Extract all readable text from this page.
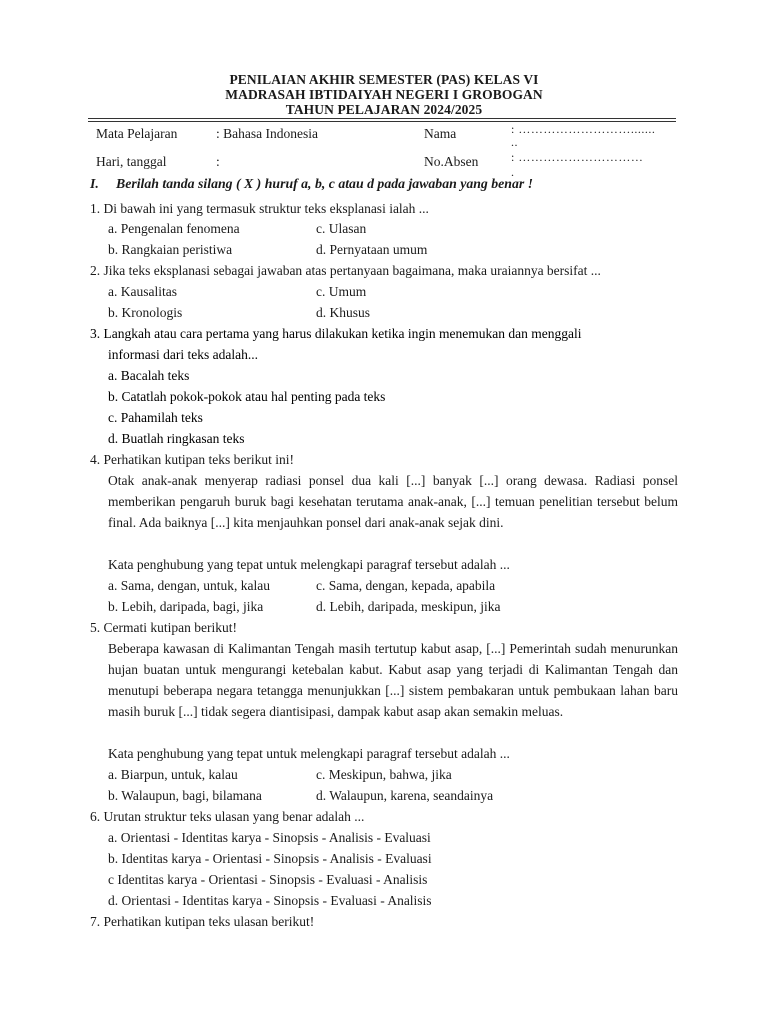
PENILAIAN AKHIR SEMESTER (PAS) KELAS VI
MADRASAH IBTIDAIYAH NEGERI I GROBOGAN
TAHUN PELAJARAN 2024/2025
Mata Pelajaran	: Bahasa Indonesia	Nama	: ……………………….......
..
Hari, tanggal	:	No.Absen	: …………………………
.
I. Berilah tanda silang ( X ) huruf a, b, c atau d pada jawaban yang benar !
1. Di bawah ini yang termasuk struktur teks eksplanasi ialah ...
a. Pengenalan fenomena	c. Ulasan
b. Rangkaian peristiwa	d. Pernyataan umum
2. Jika teks eksplanasi sebagai jawaban atas pertanyaan bagaimana, maka uraiannya bersifat ...
a. Kausalitas	c. Umum
b. Kronologis	d. Khusus
3. Langkah atau cara pertama yang harus dilakukan ketika ingin menemukan dan menggali
informasi dari teks adalah...
a. Bacalah teks
b. Catatlah pokok-pokok atau hal penting pada teks
c. Pahamilah teks
d. Buatlah ringkasan teks
4. Perhatikan kutipan teks berikut ini!
Otak anak-anak menyerap radiasi ponsel dua kali [...] banyak [...] orang dewasa. Radiasi ponsel memberikan pengaruh buruk bagi kesehatan terutama anak-anak, [...] temuan penelitian tersebut belum final. Ada baiknya [...] kita menjauhkan ponsel dari anak-anak sejak dini.
Kata penghubung yang tepat untuk melengkapi paragraf tersebut adalah ...
a. Sama, dengan, untuk, kalau	c. Sama, dengan, kepada, apabila
b. Lebih, daripada, bagi, jika	d. Lebih, daripada, meskipun, jika
5. Cermati kutipan berikut!
Beberapa kawasan di Kalimantan Tengah masih tertutup kabut asap, [...] Pemerintah sudah menurunkan hujan buatan untuk mengurangi ketebalan kabut. Kabut asap yang terjadi di Kalimantan Tengah dan menutupi beberapa negara tetangga menunjukkan [...] sistem pembakaran untuk pembukaan lahan baru masih buruk [...] tidak segera diantisipasi, dampak kabut asap akan semakin meluas.
Kata penghubung yang tepat untuk melengkapi paragraf tersebut adalah ...
a. Biarpun, untuk, kalau	c. Meskipun, bahwa, jika
b. Walaupun, bagi, bilamana	d. Walaupun, karena, seandainya
6. Urutan struktur teks ulasan yang benar adalah ...
a. Orientasi - Identitas karya - Sinopsis - Analisis - Evaluasi
b. Identitas karya - Orientasi - Sinopsis - Analisis - Evaluasi
c Identitas karya - Orientasi - Sinopsis - Evaluasi - Analisis
d. Orientasi - Identitas karya - Sinopsis - Evaluasi - Analisis
7. Perhatikan kutipan teks ulasan berikut!
